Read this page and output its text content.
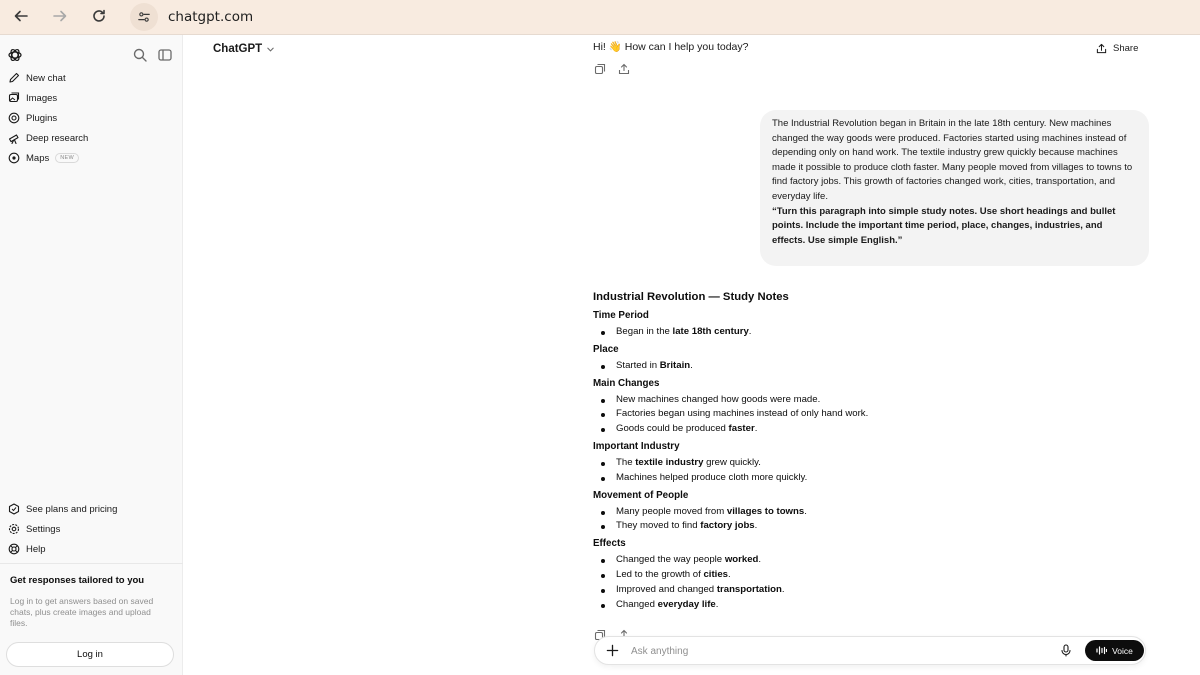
chatgpt.com
New chat
Images
Plugins
Deep research
Maps	NEW
See plans and pricing
Settings
Help
Get responses tailored to you
Log in to get answers based on saved chats, plus create images and upload files.
Log in
ChatGPT	Share
Hi! 👋 How can I help you today?
The Industrial Revolution began in Britain in the late 18th century. New machines changed the way goods were produced. Factories started using machines instead of depending only on hand work. The textile industry grew quickly because machines made it possible to produce cloth faster. Many people moved from villages to towns to find factory jobs. This growth of factories changed work, cities, transportation, and everyday life.
“Turn this paragraph into simple study notes. Use short headings and bullet points. Include the important time period, place, changes, industries, and effects. Use simple English.”
Industrial Revolution — Study Notes
Time Period
Began in the late 18th century.
Place
Started in Britain.
Main Changes
New machines changed how goods were made.
Factories began using machines instead of only hand work.
Goods could be produced faster.
Important Industry
The textile industry grew quickly.
Machines helped produce cloth more quickly.
Movement of People
Many people moved from villages to towns.
They moved to find factory jobs.
Effects
Changed the way people worked.
Led to the growth of cities.
Improved and changed transportation.
Changed everyday life.
Ask anything
Voice
